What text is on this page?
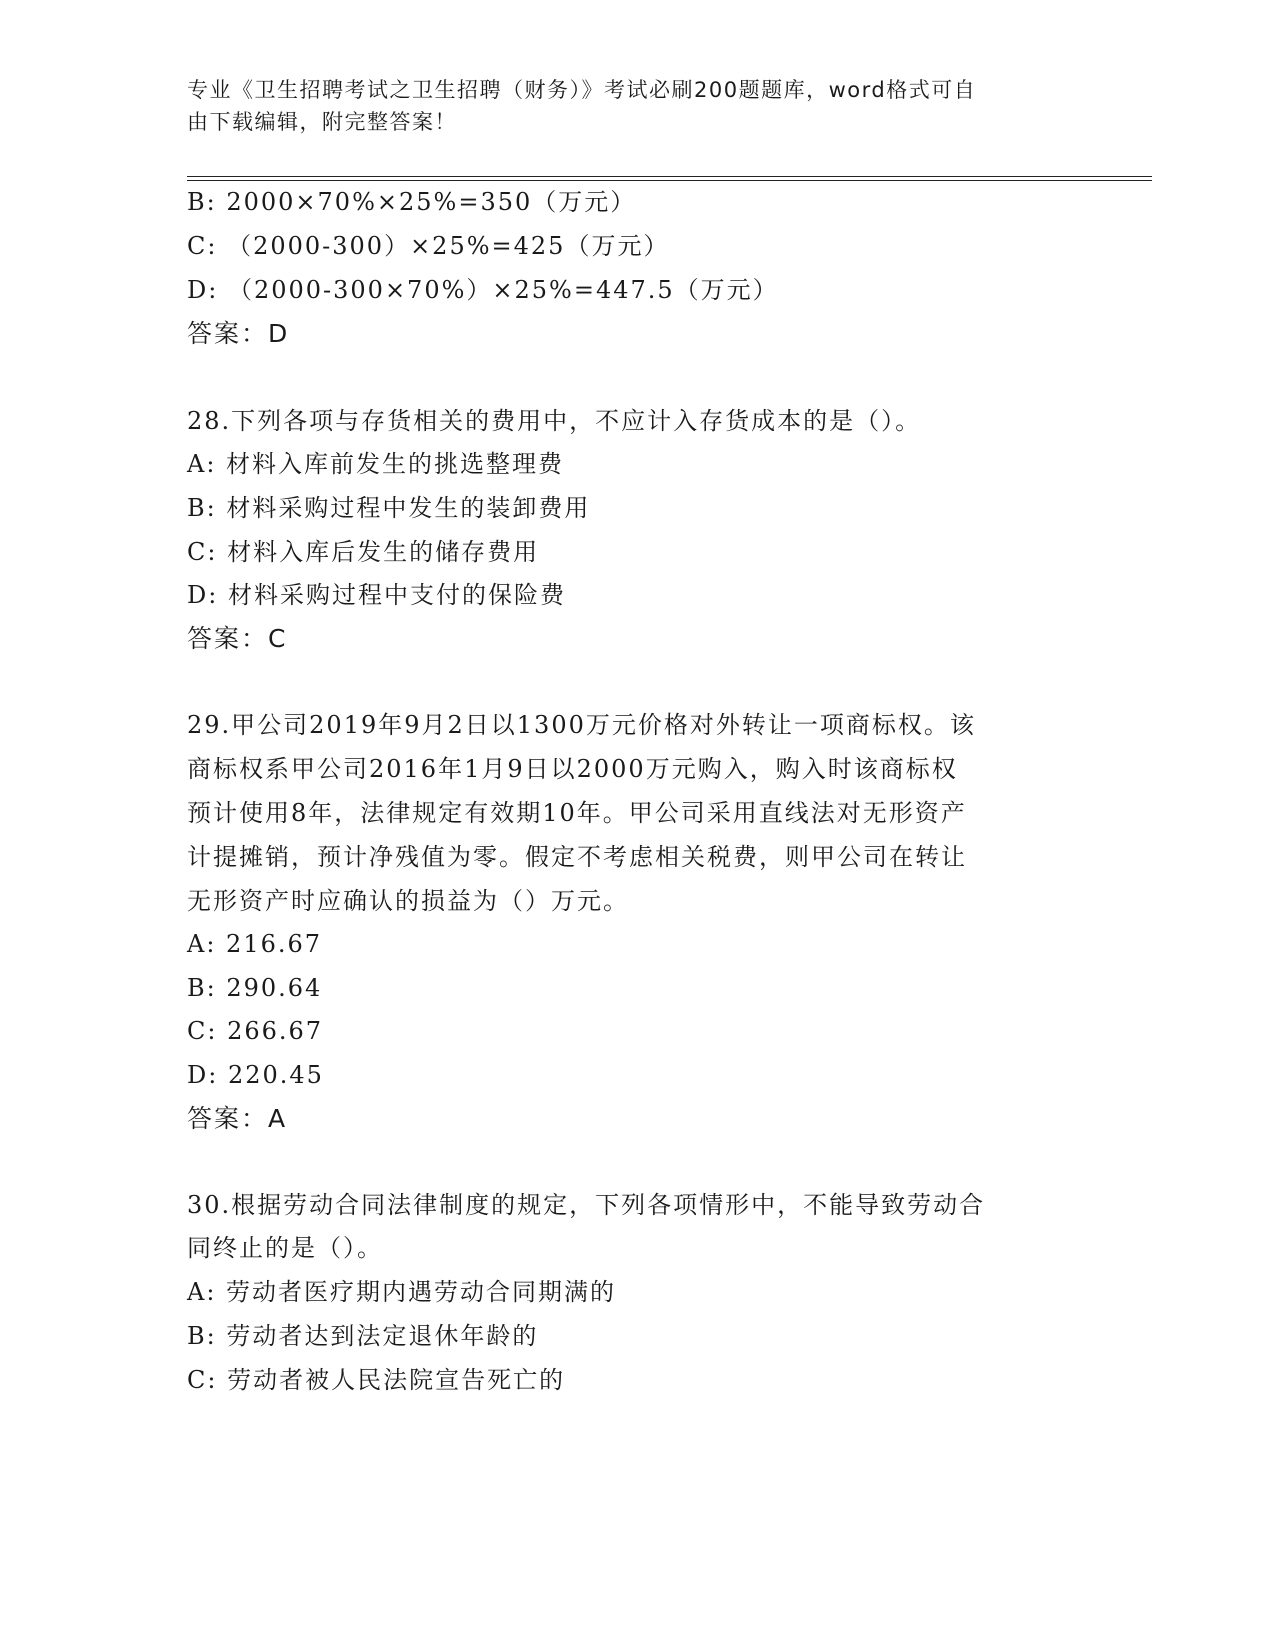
专业《卫生招聘考试之卫生招聘（财务）》考试必刷200题题库，word格式可自
由下载编辑，附完整答案！
B: 2000×70%×25%=350（万元）
C: （2000-300）×25%=425（万元）
D: （2000-300×70%）×25%=447.5（万元）
答案：D
28.下列各项与存货相关的费用中，不应计入存货成本的是（）。
A: 材料入库前发生的挑选整理费
B: 材料采购过程中发生的装卸费用
C: 材料入库后发生的储存费用
D: 材料采购过程中支付的保险费
答案：C
29.甲公司2019年9月2日以1300万元价格对外转让一项商标权。该
商标权系甲公司2016年1月9日以2000万元购入，购入时该商标权
预计使用8年，法律规定有效期10年。甲公司采用直线法对无形资产
计提摊销，预计净残值为零。假定不考虑相关税费，则甲公司在转让
无形资产时应确认的损益为（）万元。
A: 216.67
B: 290.64
C: 266.67
D: 220.45
答案：A
30.根据劳动合同法律制度的规定，下列各项情形中，不能导致劳动合
同终止的是（）。
A: 劳动者医疗期内遇劳动合同期满的
B: 劳动者达到法定退休年龄的
C: 劳动者被人民法院宣告死亡的
